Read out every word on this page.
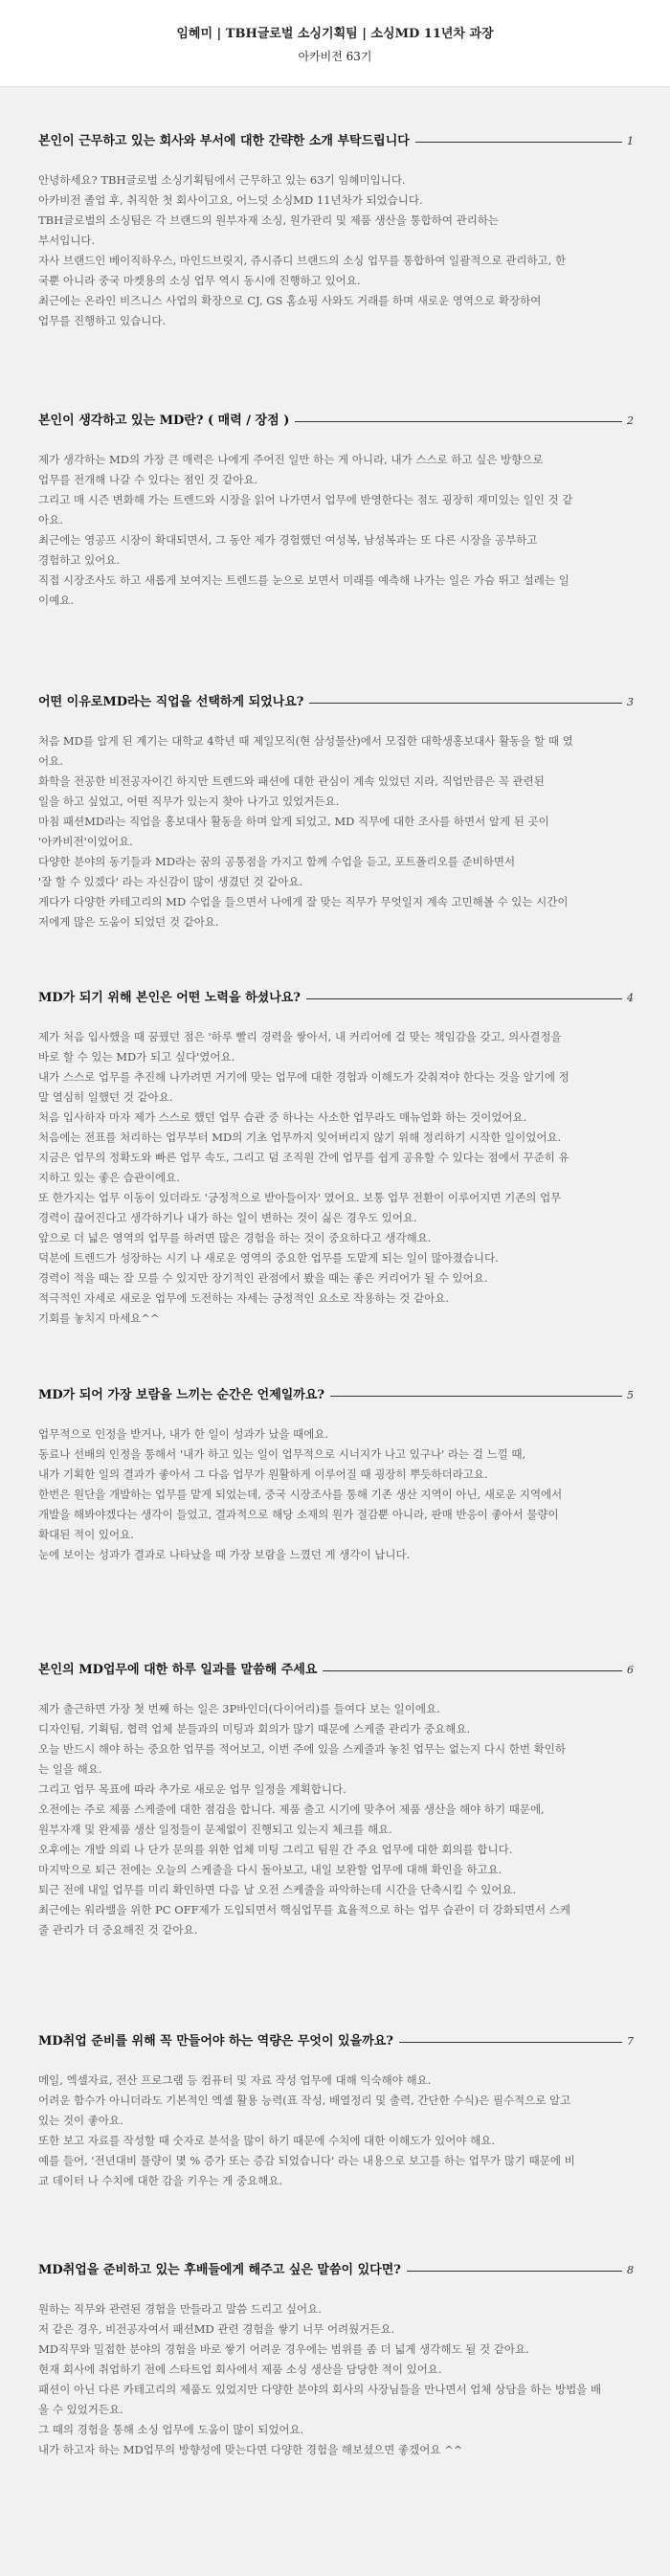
임혜미 | TBH글로벌 소싱기획팀 | 소싱MD 11년차 과장
아카비전 63기
본인이 근무하고 있는 회사와 부서에 대한 간략한 소개 부탁드립니다	1

안녕하세요? TBH글로벌 소싱기획팀에서 근무하고 있는 63기 임혜미입니다.

아카비전 졸업 후, 취직한 첫 회사이고요, 어느덧 소싱MD 11년차가 되었습니다.

TBH글로벌의 소싱팀은 각 브랜드의 원부자재 소싱, 원가관리 및 제품 생산을 통합하여 관리하는

부서입니다.

자사 브랜드인 베이직하우스, 마인드브릿지, 쥬시쥬디 브랜드의 소싱 업무를 통합하여 일괄적으로 관리하고, 한

국뿐 아니라 중국 마켓용의 소싱 업무 역시 동시에 진행하고 있어요.

최근에는 온라인 비즈니스 사업의 확장으로 CJ, GS 홈쇼핑 사와도 거래를 하며 새로운 영역으로 확장하여

업무를 진행하고 있습니다.

본인이 생각하고 있는 MD란? ( 매력 / 장점 )	2

제가 생각하는 MD의 가장 큰 매력은 나에게 주어진 일만 하는 게 아니라, 내가 스스로 하고 싶은 방향으로

업무를 전개해 나갈 수 있다는 점인 것 같아요.

그리고 매 시즌 변화해 가는 트렌드와 시장을 읽어 나가면서 업무에 반영한다는 점도 굉장히 재미있는 일인 것 같

아요.

최근에는 영공프 시장이 확대되면서, 그 동안 제가 경험했던 여성복, 남성복과는 또 다른 시장을 공부하고

경험하고 있어요.

직접 시장조사도 하고 새롭게 보여지는 트렌드를 눈으로 보면서 미래를 예측해 나가는 일은 가슴 뛰고 설레는 일

이예요.

어떤 이유로MD라는 직업을 선택하게 되었나요?	3

처음 MD를 알게 된 계기는 대학교 4학년 때 제일모직(현 삼성물산)에서 모집한 대학생홍보대사 활동을 할 때 였

어요.

화학을 전공한 비전공자이긴 하지만 트렌드와 패션에 대한 관심이 계속 있었던 지라, 직업만큼은 꼭 관련된

일을 하고 싶었고, 어떤 직무가 있는지 찾아 나가고 있었거든요.

마침 패션MD라는 직업을 홍보대사 활동을 하며 알게 되었고, MD 직무에 대한 조사를 하면서 알게 된 곳이

'아카비전'이었어요.

다양한 분야의 동기들과 MD라는 꿈의 공통점을 가지고 함께 수업을 듣고, 포트폴리오를 준비하면서

'잘 할 수 있겠다' 라는 자신감이 많이 생겼던 것 같아요.

게다가 다양한 카테고리의 MD 수업을 들으면서 나에게 잘 맞는 직무가 무엇일지 계속 고민해볼 수 있는 시간이

저에게 많은 도움이 되었던 것 같아요.

MD가 되기 위해 본인은 어떤 노력을 하셨나요?	4

제가 처음 입사했을 때 꿈꿨던 점은 '하루 빨리 경력을 쌓아서, 내 커리어에 걸 맞는 책임감을 갖고, 의사결정을

바로 할 수 있는 MD가 되고 싶다'였어요.

내가 스스로 업무를 추진해 나가려면 거기에 맞는 업무에 대한 경험과 이해도가 갖춰져야 한다는 것을 알기에 정

말 열심히 일했던 것 같아요.

처음 입사하자 마자 제가 스스로 했던 업무 습관 중 하나는 사소한 업무라도 매뉴얼화 하는 것이었어요.

처음에는 전표를 처리하는 업무부터 MD의 기초 업무까지 잊어버리지 않기 위해 정리하기 시작한 일이었어요.

지금은 업무의 정확도와 빠른 업무 속도, 그리고 덤 조직원 간에 업무를 쉽게 공유할 수 있다는 점에서 꾸준히 유

지하고 있는 좋은 습관이에요.

또 한가지는 업무 이동이 있더라도 '긍정적으로 받아들이자' 였어요. 보통 업무 전환이 이루어지면 기존의 업무

경력이 끊어진다고 생각하기나 내가 하는 일이 변하는 것이 싫은 경우도 있어요.

앞으로 더 넓은 영역의 업무를 하려면 많은 경험을 하는 것이 중요하다고 생각해요.

덕분에 트렌드가 성장하는 시기 나 새로운 영역의 중요한 업무를 도맡게 되는 일이 많아졌습니다.

경력이 적을 때는 잘 모를 수 있지만 장기적인 관점에서 봤을 때는 좋은 커리어가 될 수 있어요.

적극적인 자세로 새로운 업무에 도전하는 자세는 긍정적인 요소로 작용하는 것 같아요.

기회를 놓치지 마세요^^

MD가 되어 가장 보람을 느끼는 순간은 언제일까요?	5

업무적으로 인정을 받거나, 내가 한 일이 성과가 났을 때에요.

동료나 선배의 인정을 통해서 '내가 하고 있는 일이 업무적으로 시너지가 나고 있구나' 라는 걸 느낄 때,

내가 기획한 일의 결과가 좋아서 그 다음 업무가 원활하게 이루어질 때 굉장히 뿌듯하더라고요.

한번은 원단을 개발하는 업무를 맡게 되었는데, 중국 시장조사를 통해 기존 생산 지역이 아닌, 새로운 지역에서

개발을 해봐야겠다는 생각이 들었고, 결과적으로 해당 소재의 원가 절감뿐 아니라, 판매 반응이 좋아서 물량이

확대된 적이 있어요.

눈에 보이는 성과가 결과로 나타났을 때 가장 보람을 느꼈던 게 생각이 납니다.

본인의 MD업무에 대한 하루 일과를 말씀해 주세요	6

제가 출근하면 가장 첫 번째 하는 일은 3P바인더(다이어리)를 들여다 보는 일이에요.

디자인팀, 기획팀, 협력 업체 분들과의 미팅과 회의가 많기 때문에 스케줄 관리가 중요해요.

오늘 반드시 해야 하는 중요한 업무를 적어보고, 이번 주에 있을 스케줄과 놓친 업무는 없는지 다시 한번 확인하

는 일을 해요.

그리고 업무 목표에 따라 추가로 새로운 업무 일정을 계획합니다.

오전에는 주로 제품 스케줄에 대한 점검을 합니다. 제품 출고 시기에 맞추어 제품 생산을 해야 하기 때문에,

원부자재 및 완제품 생산 일정들이 문제없이 진행되고 있는지 체크를 해요.

오후에는 개발 의뢰 나 단가 문의를 위한 업체 미팅 그리고 팀원 간 주요 업무에 대한 회의를 합니다.

마지막으로 퇴근 전에는 오늘의 스케줄을 다시 돌아보고, 내일 보완할 업무에 대해 확인을 하고요.

퇴근 전에 내일 업무를 미리 확인하면 다음 날 오전 스케줄을 파악하는데 시간을 단축시킬 수 있어요.

최근에는 워라밸을 위한 PC OFF제가 도입되면서 핵심업무를 효율적으로 하는 업무 습관이 더 강화되면서 스케

줄 관리가 더 중요해진 것 같아요.

MD취업 준비를 위해 꼭 만들어야 하는 역량은 무엇이 있을까요?	7

메일, 엑셀자료, 전산 프로그램 등 컴퓨터 및 자료 작성 업무에 대해 익숙해야 해요.

어려운 함수가 아니더라도 기본적인 엑셀 활용 능력(표 작성, 배열정리 및 출력, 간단한 수식)은 필수적으로 알고

있는 것이 좋아요.

또한 보고 자료를 작성할 때 숫자로 분석을 많이 하기 때문에 수치에 대한 이해도가 있어야 해요.

예를 들어, '전년대비 물량이 몇 % 증가 또는 증감 되었습니다' 라는 내용으로 보고를 하는 업무가 많기 때문에 비

교 데이터 나 수치에 대한 감을 키우는 게 중요해요.

MD취업을 준비하고 있는 후배들에게 해주고 싶은 말씀이 있다면?	8

원하는 직무와 관련된 경험을 만들라고 말씀 드리고 싶어요.

저 같은 경우, 비전공자여서 패션MD 관련 경험을 쌓기 너무 어려웠거든요.

MD직무와 밀접한 분야의 경험을 바로 쌓기 어려운 경우에는 범위를 좀 더 넓게 생각해도 될 것 같아요.

현재 회사에 취업하기 전에 스타트업 회사에서 제품 소싱 생산을 담당한 적이 있어요.

패션이 아닌 다른 카테고리의 제품도 있었지만 다양한 분야의 회사의 사장님들을 만나면서 업체 상담을 하는 방법을 배

울 수 있었거든요.

그 때의 경험을 통해 소싱 업무에 도움이 많이 되었어요.

내가 하고자 하는 MD업무의 방향성에 맞는다면 다양한 경험을 해보셨으면 좋겠어요 ^^
